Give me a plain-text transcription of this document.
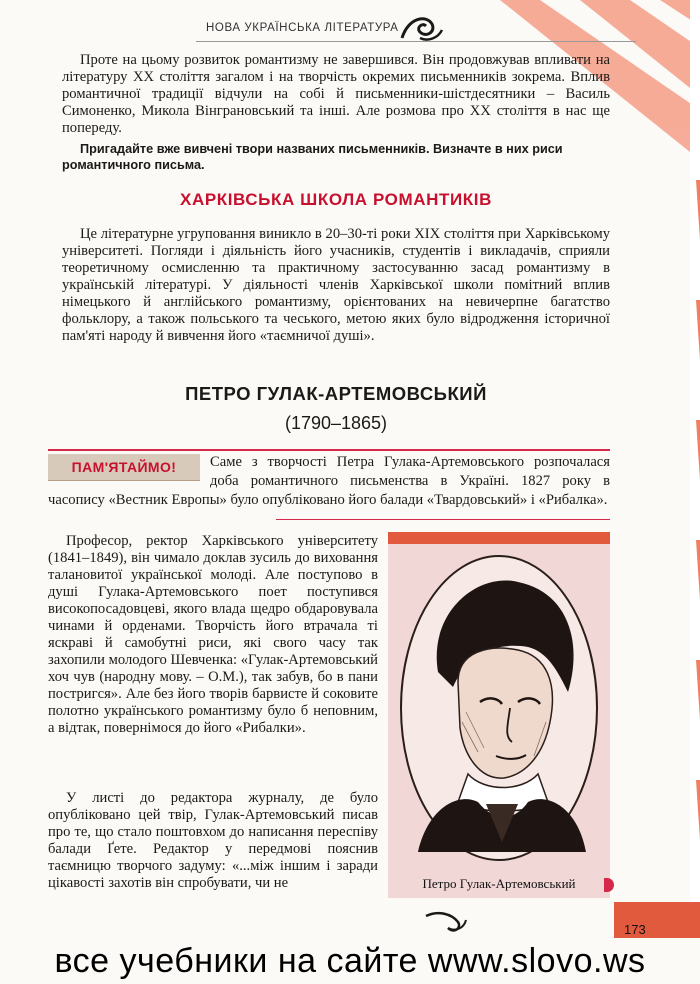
НОВА УКРАЇНСЬКА ЛІТЕРАТУРА
Проте на цьому розвиток романтизму не завершився. Він продовжував впливати на літературу ХХ століття загалом і на творчість окремих письменників зокрема. Вплив романтичної традиції відчули на собі й письменники-шістдесятники – Василь Симоненко, Микола Вінграновський та інші. Але розмова про ХХ століття в нас ще попереду.
Пригадайте вже вивчені твори названих письменників. Визначте в них риси романтичного письма.
ХАРКІВСЬКА ШКОЛА РОМАНТИКІВ
Це літературне угруповання виникло в 20–30-ті роки ХІХ століття при Харківському університеті. Погляди і діяльність його учасників, студентів і викладачів, сприяли теоретичному осмисленню та практичному застосуванню засад романтизму в українській літературі. У діяльності членів Харківської школи помітний вплив німецького й англійського романтизму, орієнтованих на невичерпне багатство фольклору, а також польського та чеського, метою яких було відродження історичної пам'яті народу й вивчення його «таємничої душі».
ПЕТРО ГУЛАК-АРТЕМОВСЬКИЙ
(1790–1865)
Саме з творчості Петра Гулака-Артемовського розпочалася доба романтичного письменства в Україні. 1827 року в часопису «Вестник Европы» було опубліковано його балади «Твардовський» і «Рибалка».
ПАМ'ЯТАЙМО!
Професор, ректор Харківського університету (1841–1849), він чимало доклав зусиль до виховання талановитої української молоді. Але поступово в душі Гулака-Артемовського поет поступився високопосадовцеві, якого влада щедро обдаровувала чинами й орденами. Творчість його втрачала ті яскраві й самобутні риси, які свого часу так захопили молодого Шевченка: «Гулак-Артемовський хоч чув (народну мову. – О.М.), так забув, бо в пани постригся». Але без його творів барвисте й соковите полотно українського романтизму було б неповним, а відтак, повернімося до його «Рибалки».
У листі до редактора журналу, де було опубліковано цей твір, Гулак-Артемовський писав про те, що стало поштовхом до написання переспіву балади Ґете. Редактор у передмові пояснив таємницю творчого задуму: «...між іншим і заради цікавості захотів він спробувати, чи не	Петро Гулак-Артемовський
173
все учебники на сайте www.slovo.ws
